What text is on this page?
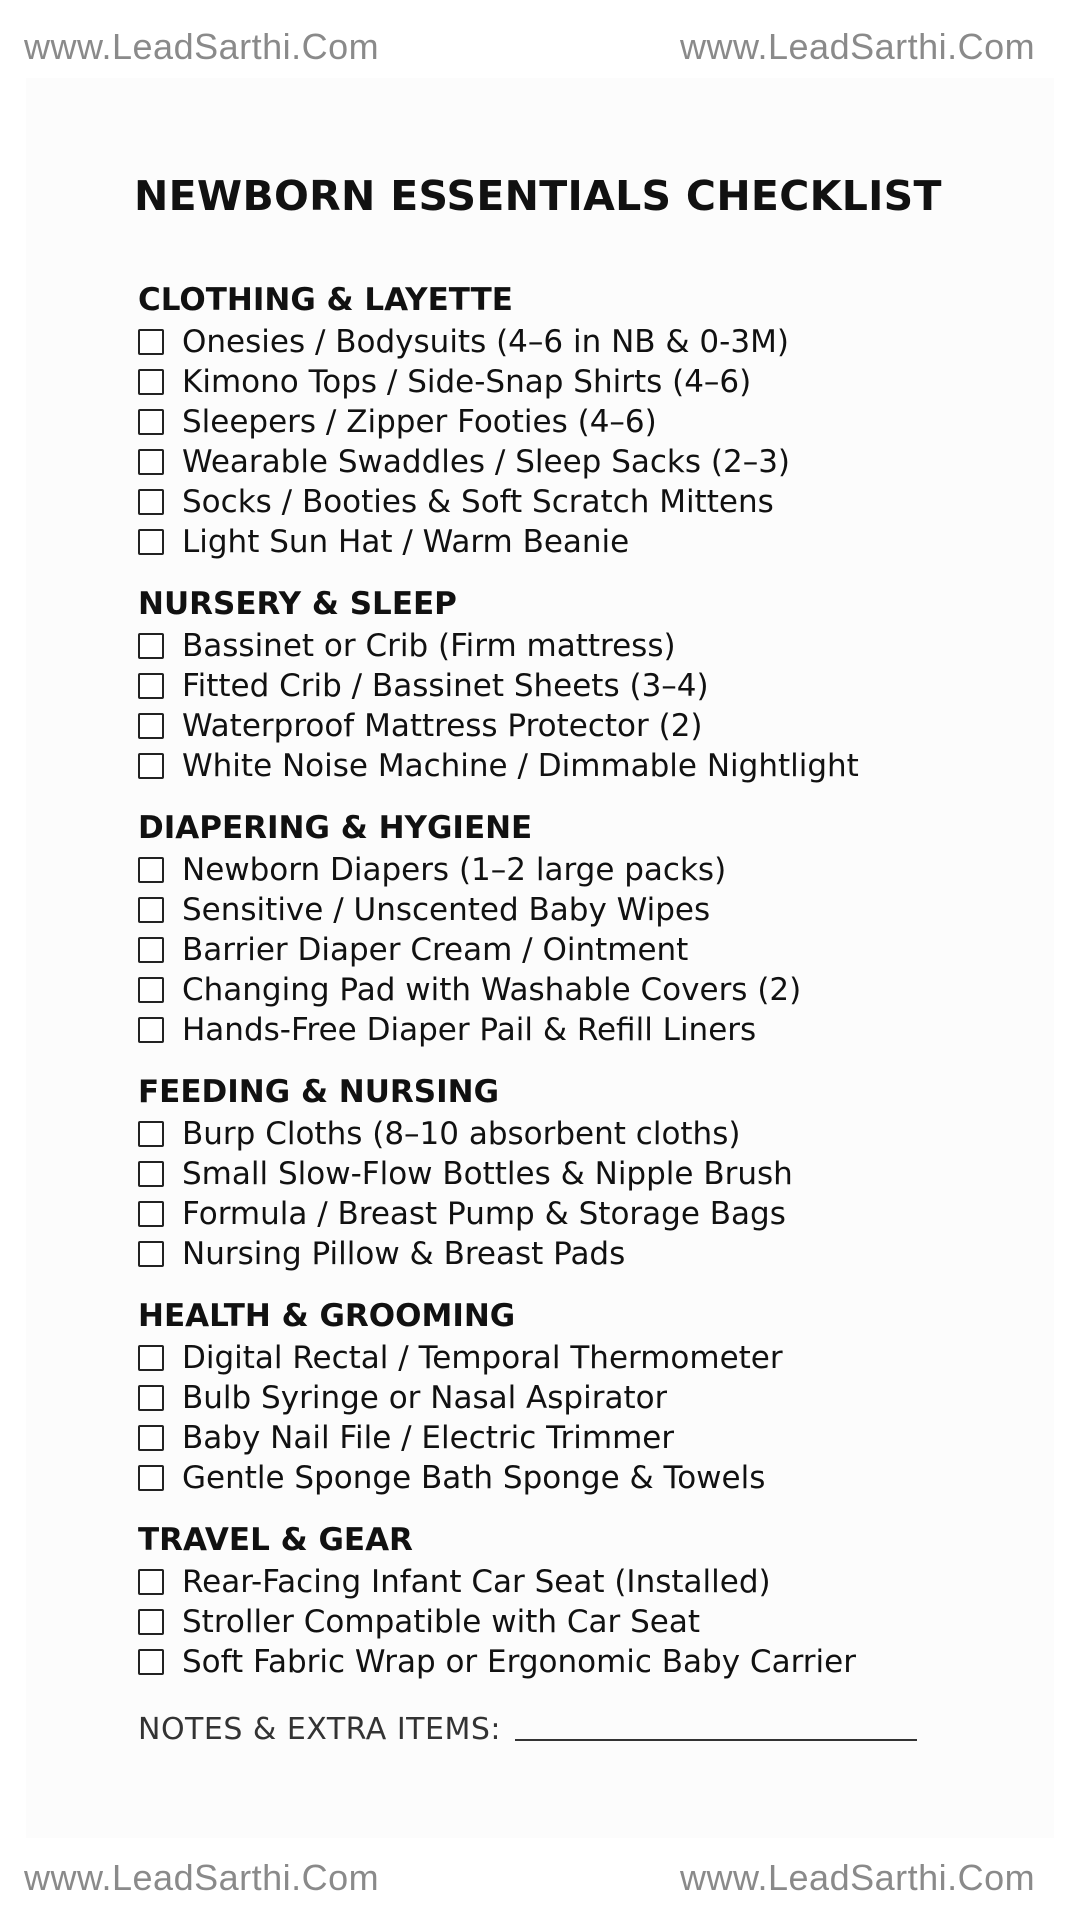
www.LeadSarthi.Com	www.LeadSarthi.Com
NEWBORN ESSENTIALS CHECKLIST
CLOTHING & LAYETTE
Onesies / Bodysuits (4–6 in NB & 0-3M)
Kimono Tops / Side-Snap Shirts (4–6)
Sleepers / Zipper Footies (4–6)
Wearable Swaddles / Sleep Sacks (2–3)
Socks / Booties & Soft Scratch Mittens
Light Sun Hat / Warm Beanie
NURSERY & SLEEP
Bassinet or Crib (Firm mattress)
Fitted Crib / Bassinet Sheets (3–4)
Waterproof Mattress Protector (2)
White Noise Machine / Dimmable Nightlight
DIAPERING & HYGIENE
Newborn Diapers (1–2 large packs)
Sensitive / Unscented Baby Wipes
Barrier Diaper Cream / Ointment
Changing Pad with Washable Covers (2)
Hands-Free Diaper Pail & Refill Liners
FEEDING & NURSING
Burp Cloths (8–10 absorbent cloths)
Small Slow-Flow Bottles & Nipple Brush
Formula / Breast Pump & Storage Bags
Nursing Pillow & Breast Pads
HEALTH & GROOMING
Digital Rectal / Temporal Thermometer
Bulb Syringe or Nasal Aspirator
Baby Nail File / Electric Trimmer
Gentle Sponge Bath Sponge & Towels
TRAVEL & GEAR
Rear-Facing Infant Car Seat (Installed)
Stroller Compatible with Car Seat
Soft Fabric Wrap or Ergonomic Baby Carrier
NOTES & EXTRA ITEMS:
www.LeadSarthi.Com	www.LeadSarthi.Com
